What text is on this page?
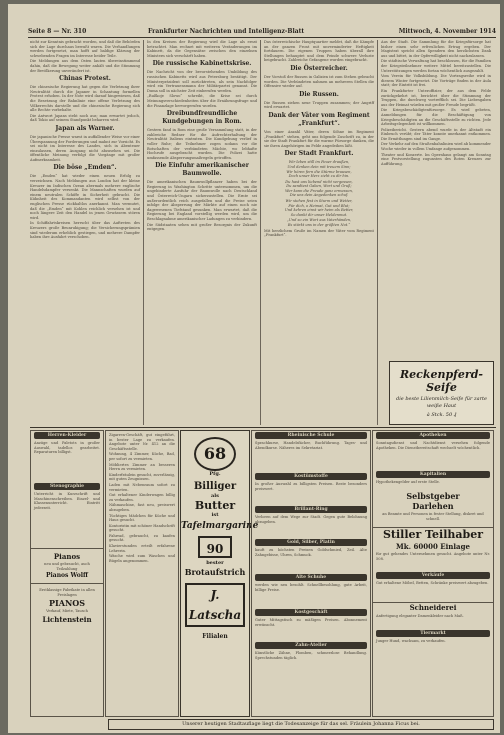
Seite 8 — Nr. 310	Frankfurter Nachrichten und Intelligenz-Blatt	Mittwoch, 4. November 1914

nicht zur Kenntnis gebracht worden, und daß die Behörden sich der Lage durchaus bewußt waren. Die Verhandlungen werden fortgesetzt, man hofft auf baldige Klärung der schwebenden Fragen im Interesse beider Teile.

Die Meldungen aus dem Osten lauten übereinstimmend dahin, daß die Bewegung weiter anhält und die Stimmung der Bevölkerung unverändert ist.

Chinas Protest.

Die chinesische Regierung hat gegen die Verletzung ihrer Neutralität durch die Japaner in Schantung formellen Protest erhoben. In der Note wird darauf hingewiesen, daß die Besetzung der Bahnlinie eine offene Verletzung des Völkerrechts darstelle und die chinesische Regierung sich alle Rechte vorbehalte.

Die Antwort Japans steht noch aus; man erwartet jedoch, daß Tokio auf seinem Standpunkt beharren wird.

Japan als Warner.

Die japanische Presse warnt in auffallender Weise vor einer Überspannung der Forderungen und mahnt zur Vorsicht. Es sei nicht im Interesse des Landes, sich in Abenteuer einzulassen, deren Ausgang nicht abzusehen sei. Die öffentliche Meinung verfolgt die Vorgänge mit großer Aufmerksamkeit.

Die böse „Emden“.

Die „Emden“ hat wieder einen neuen Erfolg zu verzeichnen. Nach Meldungen aus London hat der kleine Kreuzer im Indischen Ozean abermals mehrere englische Handelsdampfer versenkt. Die Mannschaften wurden auf einem neutralen Schiffe in Sicherheit gebracht. Die Kühnheit des Kommandanten wird selbst von der englischen Presse rückhaltlos anerkannt. Man vermutet, daß die „Emden“ mit Kohlen reichlich versehen ist und noch längere Zeit den Handel in jenen Gewässern stören wird.

In Schiffahrtskreisen herrscht über das Auftreten des Kreuzers große Beunruhigung; die Versicherungsprämien sind wiederum erheblich gestiegen, und mehrere Dampfer haben ihre Ausfahrt verschoben.

In den Kreisen der Regierung wird die Lage als ernst betrachtet. Man rechnet mit weiteren Veränderungen im Kabinett, da die Gegensätze zwischen den einzelnen Ministern sich verschärft haben.

Die russische Kabinettskrise.

Die Nachricht von der bevorstehenden Umbildung des russischen Kabinetts wird aus Petersburg bestätigt. Der Ministerpräsident soll zurücktreten, als sein Nachfolger wird ein Vertrauensmann der Militärpartei genannt. Die Duma soll in nächster Zeit einberufen werden.

„Rußkoje Slowo“ schreibt, die Krise sei durch Meinungsverschiedenheiten über die Ernährungsfrage und die Finanzlage hervorgerufen worden.

Dreibundfreundliche Kundgebungen in Rom.

Gestern fand in Rom eine große Versammlung statt, in der zahlreiche Redner für die Aufrechterhaltung der Neutralität Italiens eintraten. Die Kundgebung verlief in voller Ruhe; die Teilnehmer zogen sodann vor die Botschaften der verbündeten Mächte, wo lebhafte Hochrufe ausgebracht wurden. Die Polizei hatte umfassende Absperrungsmaßregeln getroffen.

Die Einfuhr amerikanischer Baumwolle.

Die amerikanischen Baumwollpflanzer haben bei der Regierung in Washington Schritte unternommen, um die ungehinderte Ausfuhr der Baumwolle nach Deutschland und Österreich-Ungarn sicherzustellen. Die Ernte sei außerordentlich reich ausgefallen und die Preise seien infolge der Absperrung der Märkte auf einen noch nie dagewesenen Tiefstand gesunken. Man erwartet, daß die Regierung bei England vorstellig werden wird, um die Beschlagnahme amerikanischer Ladungen zu verhindern.

Die Südstaaten sehen mit großer Besorgnis der Zukunft entgegen.

Das österreichische Hauptquartier meldet, daß die Kämpfe an der ganzen Front mit unverminderter Heftigkeit fortdauern. Die eigenen Truppen haben überall ihre Stellungen behauptet und dem Feinde schwere Verluste beigebracht. Zahlreiche Gefangene wurden eingebracht.

Die Österreicher.

Der Vorstoß der Russen in Galizien ist zum Stehen gebracht worden. Die Verbündeten nahmen an mehreren Stellen die Offensive wieder auf.

Die Russen.

Die Russen ziehen neue Truppen zusammen; der Angriff wird erwartet.

Dank der Väter vom Regiment „Frankfurt“.

Von einer Anzahl Väter, deren Söhne im Regiment „Frankfurt“ stehen, geht uns folgende Zuschrift zu, in der sie der Stadt Frankfurt für die warme Fürsorge danken, die sie ihren Angehörigen im Felde angedeihen läßt.

Der Stadt Frankfurt.

Wir leben still im Feuer draußen,
Und denken dein mit treuem Sinn;
Wir hören fern die Stürme brausen,
Doch unser Herz zieht zu dir hin.

Du hast uns liebend nicht vergessen,
Du sandtest Gaben, Wort und Gruß;
Wer kann die Freude ganz ermessen,
Die uns dein Angedenken schuf.

Wir stehen fest in Sturm und Wetter,
Für dich, o Heimat, Gut und Blut;
Und kehren einst wir heim als Retter,
So dankt dir unser Heldenmut.

„Und so ein Wort aus Vaterhänden,
Es stärkt uns in der größten Not.“

Mit herzlichem Gruße im Namen der Väter vom Regiment „Frankfurt“.

Aus der Stadt. Die Sammlung für die Kriegsfürsorge hat bisher einen sehr erfreulichen Ertrag ergeben. Der Magistrat spricht allen Spendern den herzlichsten Dank aus und bittet, in der Opferwilligkeit nicht nachzulassen.

Die städtische Verwaltung hat beschlossen, für die Familien der Kriegsteilnehmer weitere Mittel bereitzustellen. Die Unterstützungen werden fortan wöchentlich ausgezahlt.

Vom Verein für Volksbildung. Die Vortragsreihe wird in diesem Winter fortgesetzt. Die Vorträge finden in der Aula statt; der Eintritt ist frei.

Ein Frankfurter Unteroffizier, der aus dem Felde zurückgekehrt ist, berichtet über die Stimmung der Truppen, die durchweg vortrefflich sei. Die Liebesgaben aus der Heimat würden mit großer Freude begrüßt.

Die Kriegsbeschädigtenfürsorge. Es wird gebeten, Anmeldungen für die Beschäftigung von Kriegsbeschädigten an die Geschäftsstelle zu richten. Jede Arbeitsgelegenheit ist willkommen.

Polizeibericht. Gestern abend wurde in der Altstadt ein Einbruch verübt; der Täter konnte unerkannt entkommen. Die Ermittlungen sind im Gange.

Der Verkehr auf den Straßenbahnlinien wird ab kommender Woche wieder in vollem Umfange aufgenommen.

Theater und Konzerte. Im Opernhaus gelangt am Sonntag eine Festvorstellung zugunsten des Roten Kreuzes zur Aufführung.

Reckenpferd-Seife
die beste Lilienmilch-Seife für zarte weiße Haut
à Stck. 50 ₰
Herren-Kleider
Anzüge und Paletots in großer Auswahl, tadellos gearbeitet. Reparaturen billigst.
Stenographie
Unterricht in Kurzschrift und Maschinenschreiben. Einzel- und Klassenunterricht. Eintritt jederzeit.
Pianos
neu und gebraucht, auch Teilzahlung
Pianos Wolff
Erstklassige Fabrikate in allen Preislagen
PIANOS
Verkauf, Miete, Tausch
Lichtenstein

Zigarren-Geschäft, gut eingeführt, in bester Lage zu verkaufen. Angebote unter Nr. 412 an die Geschäftsstelle.

Wohnung, 4 Zimmer, Küche, Bad, per sofort zu vermieten.

Möbliertes Zimmer an besseren Herrn zu vermieten.

Kinderfräulein gesucht, zuverlässig, mit guten Zeugnissen.

Laden mit Nebenraum sofort zu vermieten.

Gut erhaltener Kinderwagen billig zu verkaufen.

Nähmaschine, fast neu, preiswert abzugeben.

Tüchtiges Mädchen für Küche und Haus gesucht.

Kontoristin mit schöner Handschrift gesucht.

Fahrrad, gebraucht, zu kaufen gesucht.

Klavierstunden erteilt erfahrene Lehrerin.

Wäsche wird zum Waschen und Bügeln angenommen.

68
Pfg.
Billiger
als
Butter
ist
Tafelmargarine
90
bester
Brotaufstrich
J. Latscha
Filialen
Rheinische Schule
Sprachkurse, Handelsfächer, Buchführung. Tages- und Abendkurse. Näheres im Sekretariat.
Kostümstoffe
In großer Auswahl zu billigsten Preisen. Reste besonders preiswert.
Brillant-Ring
Verloren auf dem Wege zur Stadt. Gegen gute Belohnung abzugeben.
Gold, Silber, Platin
kauft zu höchsten Preisen Goldschmied, Zeil. Alte Zahngebisse, Uhren, Schmuck.
Alte Schuhe
werden wie neu besohlt. Schnellbesohlung, gute Arbeit, billige Preise.
Kostgeschäft
Guter Mittagstisch zu mäßigen Preisen. Abonnement erwünscht.
Zahn-Atelier
Künstliche Zähne, Plomben, schmerzlose Behandlung. Sprechstunden täglich.
Apotheken
Sonntagsdienst und Nachtdienst versehen folgende Apotheken. Die Dienstbereitschaft wechselt wöchentlich.
Kapitalien
Hypothekengelder auf erste Stelle.
Selbstgeber
Darlehen
an Beamte und Personen in fester Stellung, diskret und schnell.
Stiller Teilhaber
Mk. 60000 Einlage
für gut gehendes Unternehmen gesucht. Angebote unter Nr. 508.
Verkäufe
Gut erhaltene Möbel, Betten, Schränke preiswert abzugeben.
Schneiderei
Anfertigung eleganter Damenkleider nach Maß.
Tiermarkt
Junger Hund, wachsam, zu verkaufen.
Unserer heutigen Stadtauflage liegt die Todesanzeige für das sel. Fräulein Johanna Ficus bei.
